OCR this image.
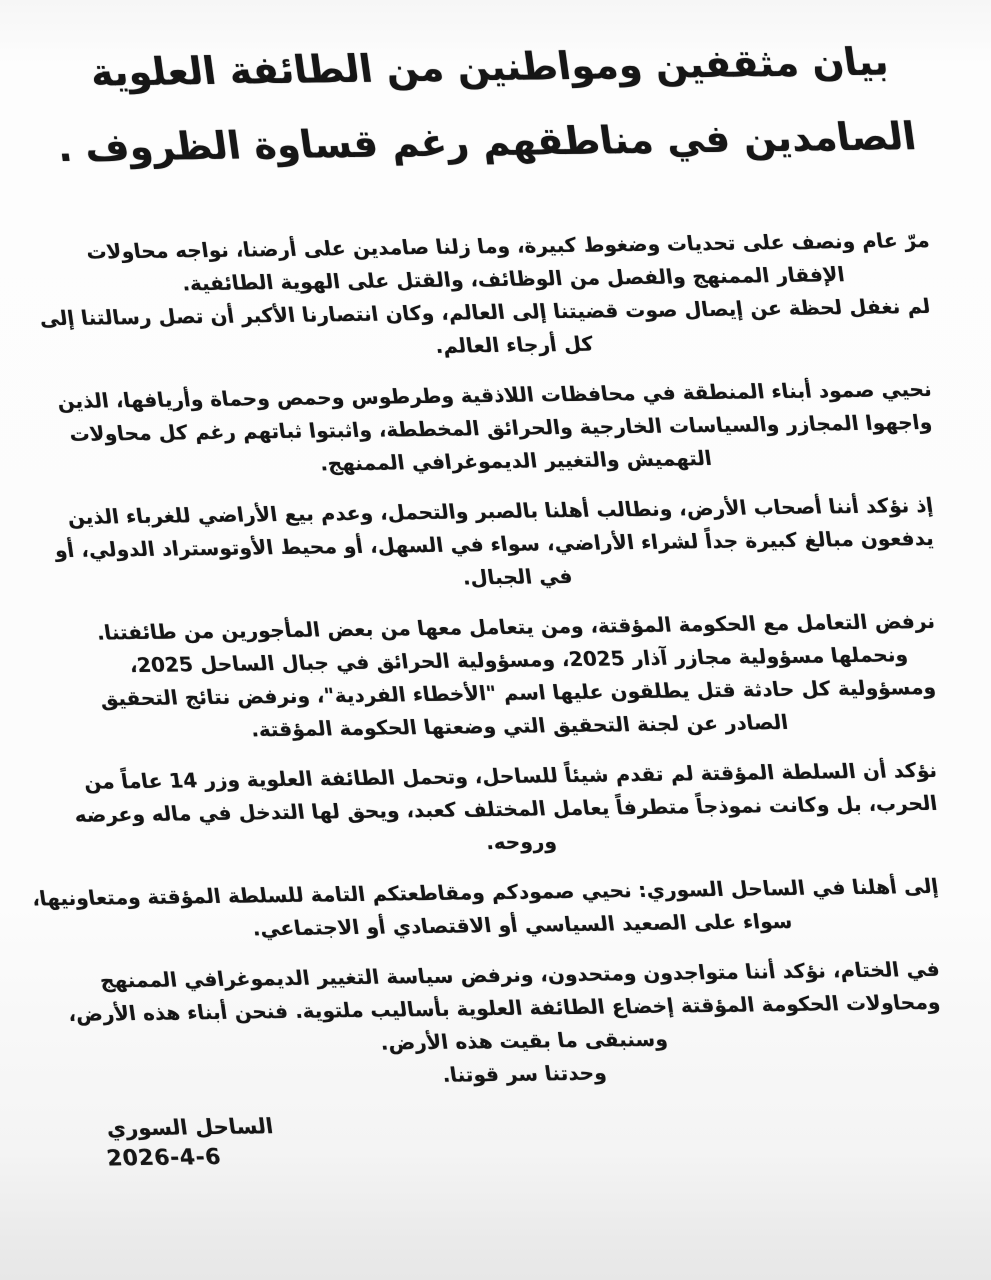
بيان مثقفين ومواطنين من الطائفة العلوية
الصامدين في مناطقهم رغم قساوة الظروف .

مرّ عام ونصف على تحديات وضغوط كبيرة، وما زلنا صامدين على أرضنا، نواجه محاولات
الإفقار الممنهج والفصل من الوظائف، والقتل على الهوية الطائفية.
لم نغفل لحظة عن إيصال صوت قضيتنا إلى العالم، وكان انتصارنا الأكبر أن تصل رسالتنا إلى
كل أرجاء العالم.

نحيي صمود أبناء المنطقة في محافظات اللاذقية وطرطوس وحمص وحماة وأريافها، الذين
واجهوا المجازر والسياسات الخارجية والحرائق المخططة، واثبتوا ثباتهم رغم كل محاولات
التهميش والتغيير الديموغرافي الممنهج.

إذ نؤكد أننا أصحاب الأرض، ونطالب أهلنا بالصبر والتحمل، وعدم بيع الأراضي للغرباء الذين
يدفعون مبالغ كبيرة جداً لشراء الأراضي، سواء في السهل، أو محيط الأوتوستراد الدولي، أو
في الجبال.

نرفض التعامل مع الحكومة المؤقتة، ومن يتعامل معها من بعض المأجورين من طائفتنا.
ونحملها مسؤولية مجازر آذار 2025، ومسؤولية الحرائق في جبال الساحل 2025،
ومسؤولية كل حادثة قتل يطلقون عليها اسم "الأخطاء الفردية"، ونرفض نتائج التحقيق
الصادر عن لجنة التحقيق التي وضعتها الحكومة المؤقتة.

نؤكد أن السلطة المؤقتة لم تقدم شيئاً للساحل، وتحمل الطائفة العلوية وزر 14 عاماً من
الحرب، بل وكانت نموذجاً متطرفاً يعامل المختلف كعبد، ويحق لها التدخل في ماله وعرضه
وروحه.

إلى أهلنا في الساحل السوري: نحيي صمودكم ومقاطعتكم التامة للسلطة المؤقتة ومتعاونيها،
سواء على الصعيد السياسي أو الاقتصادي أو الاجتماعي.

في الختام، نؤكد أننا متواجدون ومتحدون، ونرفض سياسة التغيير الديموغرافي الممنهج
ومحاولات الحكومة المؤقتة إخضاع الطائفة العلوية بأساليب ملتوية. فنحن أبناء هذه الأرض،
وسنبقى ما بقيت هذه الأرض.
وحدتنا سر قوتنا.

الساحل السوري
2026-4-6
